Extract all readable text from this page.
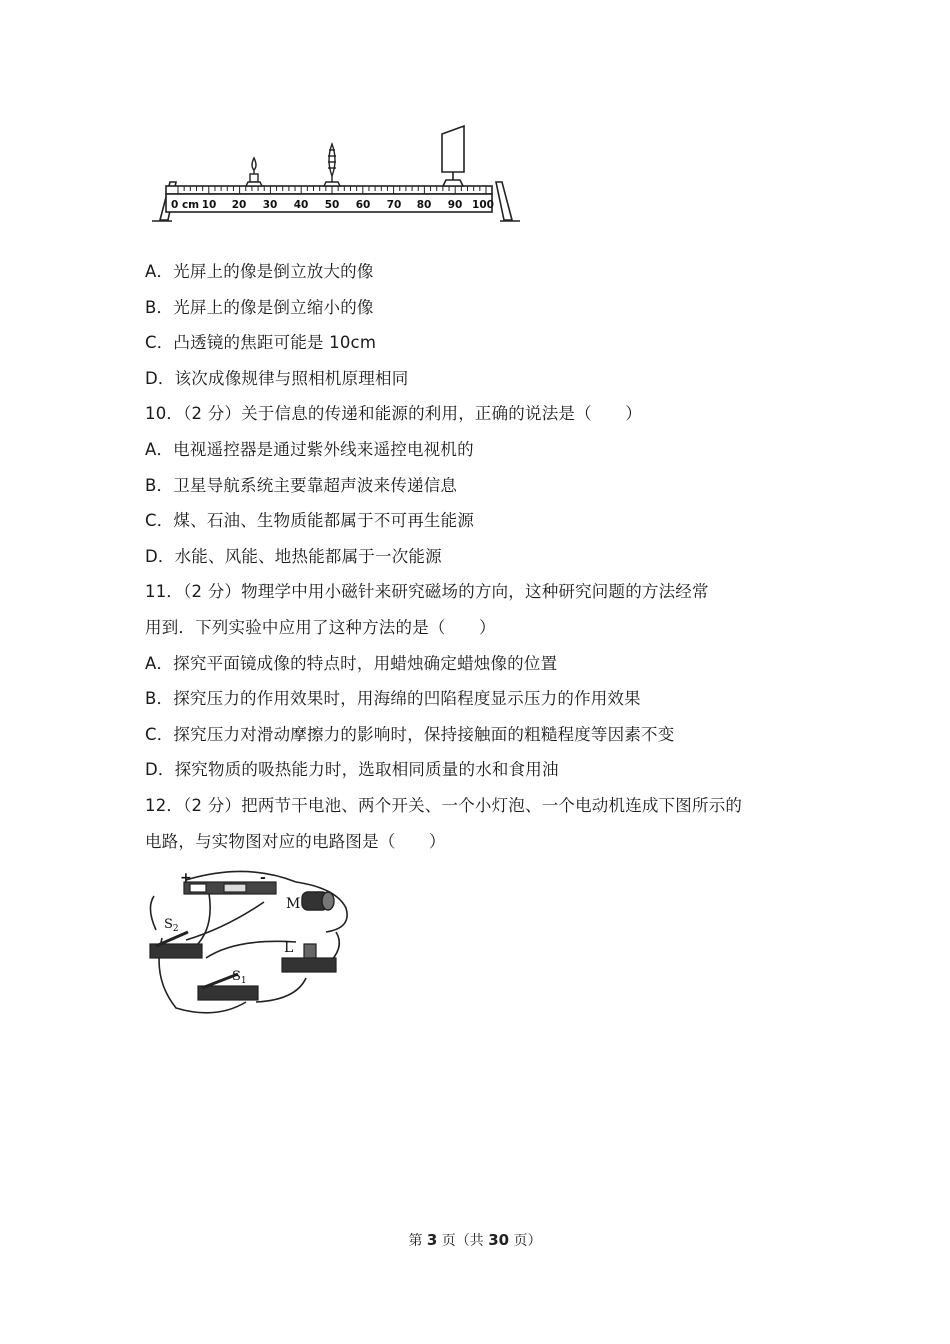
0 cm 10 20 30 40 50 60 70 80 90 100
A．光屏上的像是倒立放大的像
B．光屏上的像是倒立缩小的像
C．凸透镜的焦距可能是 10cm
D．该次成像规律与照相机原理相同
10．（2 分）关于信息的传递和能源的利用，正确的说法是（　　）
A．电视遥控器是通过紫外线来遥控电视机的
B．卫星导航系统主要靠超声波来传递信息
C．煤、石油、生物质能都属于不可再生能源
D．水能、风能、地热能都属于一次能源
11．（2 分）物理学中用小磁针来研究磁场的方向，这种研究问题的方法经常
用到．下列实验中应用了这种方法的是（　　）
A．探究平面镜成像的特点时，用蜡烛确定蜡烛像的位置
B．探究压力的作用效果时，用海绵的凹陷程度显示压力的作用效果
C．探究压力对滑动摩擦力的影响时，保持接触面的粗糙程度等因素不变
D．探究物质的吸热能力时，选取相同质量的水和食用油
12．（2 分）把两节干电池、两个开关、一个小灯泡、一个电动机连成下图所示的
电路，与实物图对应的电路图是（　　）
+	-
M
$S_2$
L
$S_1$
第 3 页（共 30 页）
